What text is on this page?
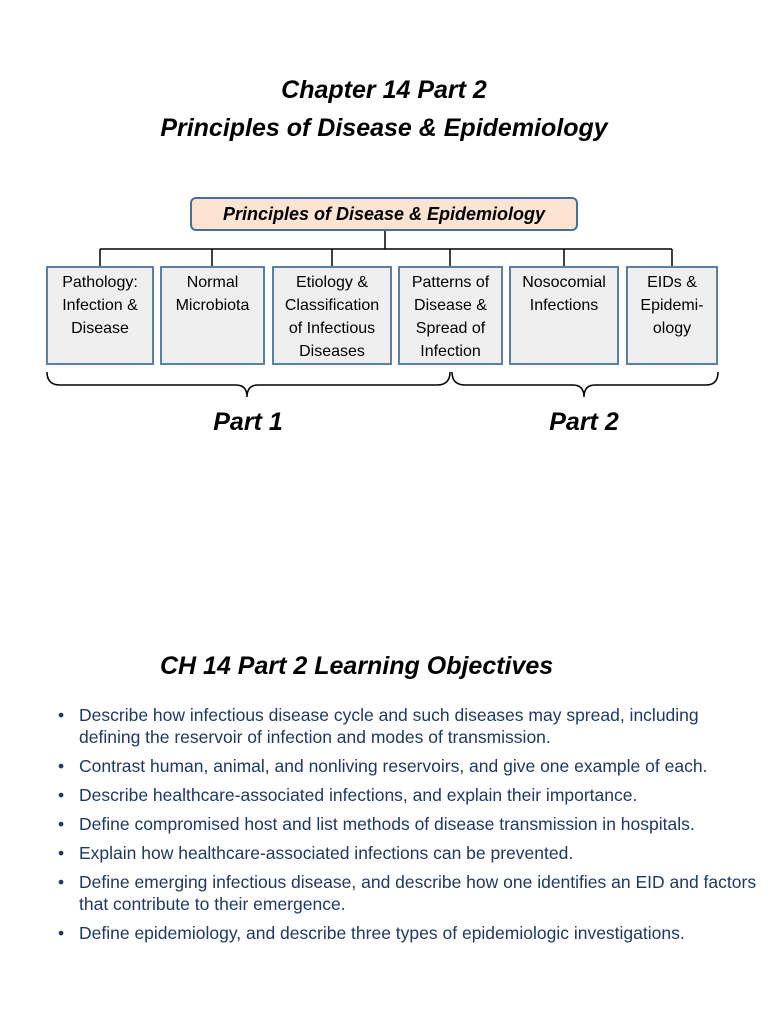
Chapter 14 Part 2
Principles of Disease & Epidemiology
Principles of Disease & Epidemiology
Pathology:
Infection &
Disease
Normal
Microbiota
Etiology &
Classification
of Infectious
Diseases
Patterns of
Disease &
Spread of
Infection
Nosocomial
Infections
EIDs &
Epidemi-
ology
Part 1	Part 2
CH 14 Part 2 Learning Objectives
• Describe how infectious disease cycle and such diseases may spread, including defining the reservoir of infection and modes of transmission.
• Contrast human, animal, and nonliving reservoirs, and give one example of each.
• Describe healthcare-associated infections, and explain their importance.
• Define compromised host and list methods of disease transmission in hospitals.
• Explain how healthcare-associated infections can be prevented.
• Define emerging infectious disease, and describe how one identifies an EID and factors that contribute to their emergence.
• Define epidemiology, and describe three types of epidemiologic investigations.
